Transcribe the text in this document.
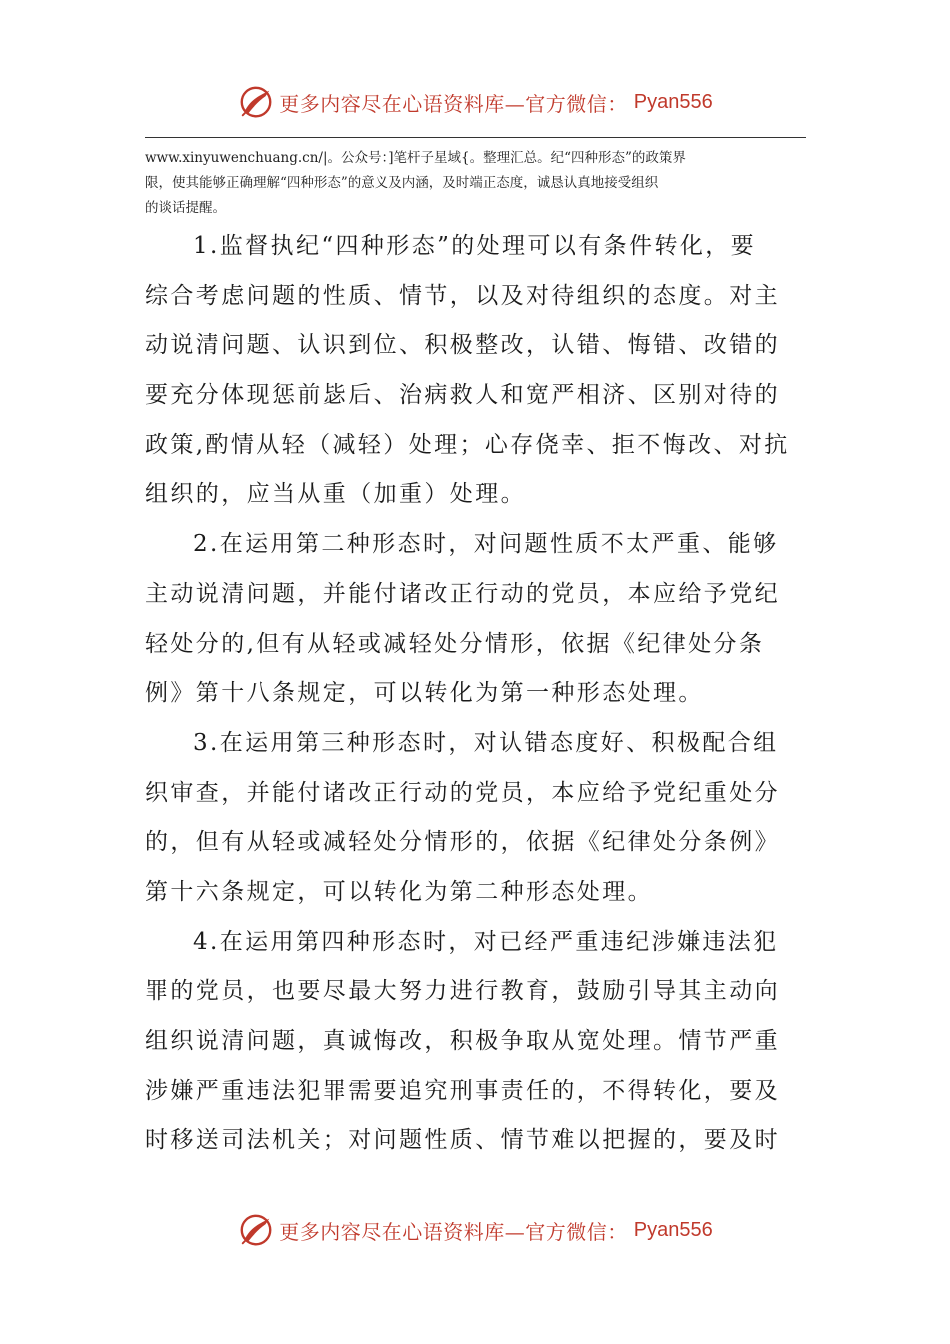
更多内容尽在心语资料库—官方微信： Pyan556
www.xinyuwenchuang.cn/|。公众号：]笔杆子星域{。整理汇总。纪“四种形态”的政策界
限，使其能够正确理解“四种形态”的意义及内涵，及时端正态度，诚恳认真地接受组织
的谈话提醒。
1.监督执纪“四种形态”的处理可以有条件转化，要
综合考虑问题的性质、情节，以及对待组织的态度。对主
动说清问题、认识到位、积极整改，认错、悔错、改错的
要充分体现惩前毖后、治病救人和宽严相济、区别对待的
政策,酌情从轻（减轻）处理；心存侥幸、拒不悔改、对抗
组织的，应当从重（加重）处理。
2.在运用第二种形态时，对问题性质不太严重、能够
主动说清问题，并能付诸改正行动的党员，本应给予党纪
轻处分的,但有从轻或减轻处分情形，依据《纪律处分条
例》第十八条规定，可以转化为第一种形态处理。
3.在运用第三种形态时，对认错态度好、积极配合组
织审查，并能付诸改正行动的党员，本应给予党纪重处分
的，但有从轻或减轻处分情形的，依据《纪律处分条例》
第十六条规定，可以转化为第二种形态处理。
4.在运用第四种形态时，对已经严重违纪涉嫌违法犯
罪的党员，也要尽最大努力进行教育，鼓励引导其主动向
组织说清问题，真诚悔改，积极争取从宽处理。情节严重
涉嫌严重违法犯罪需要追究刑事责任的，不得转化，要及
时移送司法机关；对问题性质、情节难以把握的，要及时
更多内容尽在心语资料库—官方微信： Pyan556
